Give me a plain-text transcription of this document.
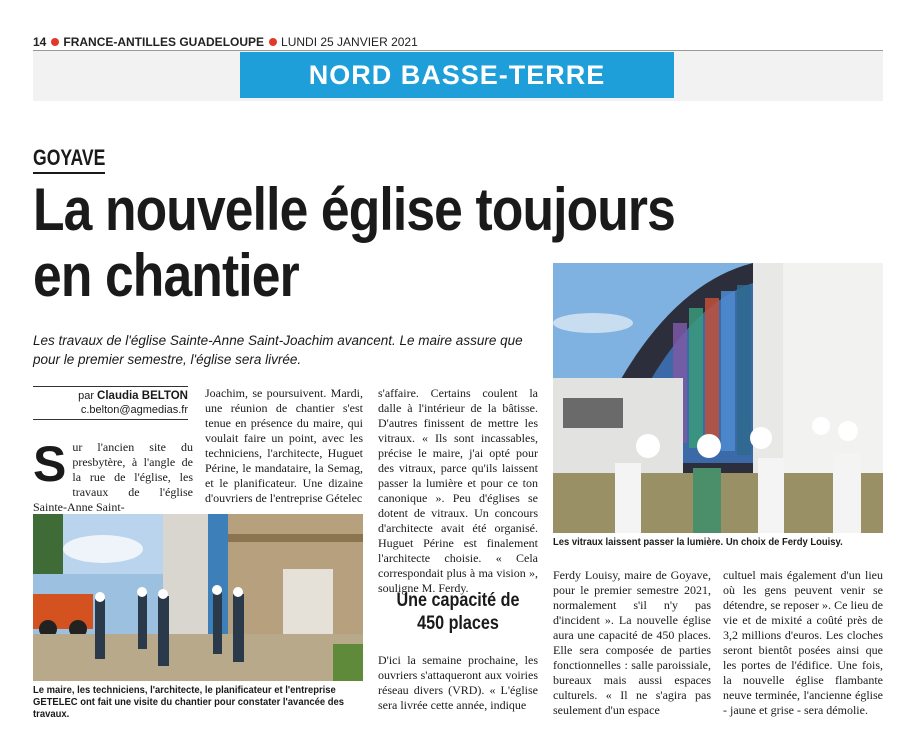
14 FRANCE-ANTILLES GUADELOUPE LUNDI 25 JANVIER 2021
NORD BASSE-TERRE
GOYAVE
La nouvelle église toujours en chantier
Les travaux de l'église Sainte-Anne Saint-Joachim avancent. Le maire assure que pour le premier semestre, l'église sera livrée.
par Claudia BELTON
c.belton@agmedias.fr
Sur l'ancien site du presbytère, à l'angle de la rue de l'église, les travaux de l'église Sainte-Anne Saint-
Le maire, les techniciens, l'architecte, le planificateur et l'entreprise GETELEC ont fait une visite du chantier pour constater l'avancée des travaux.
Joachim, se poursuivent. Mardi, une réunion de chantier s'est tenue en présence du maire, qui voulait faire un point, avec les techniciens, l'architecte, Huguet Périne, le mandataire, la Semag, et le planificateur. Une dizaine d'ouvriers de l'entreprise Gételec
s'affaire. Certains coulent la dalle à l'intérieur de la bâtisse. D'autres finissent de mettre les vitraux. « Ils sont incassables, précise le maire, j'ai opté pour des vitraux, parce qu'ils laissent passer la lumière et pour ce ton canonique ». Peu d'églises se dotent de vitraux. Un concours d'architecte avait été organisé. Huguet Périne est finalement l'architecte choisie. « Cela correspondait plus à ma vision », souligne M. Ferdy.
Une capacité de 450 places
D'ici la semaine prochaine, les ouvriers s'attaqueront aux voiries réseau divers (VRD). « L'église sera livrée cette année, indique
Les vitraux laissent passer la lumière. Un choix de Ferdy Louisy.
Ferdy Louisy, maire de Goyave, pour le premier semestre 2021, normalement s'il n'y pas d'incident ». La nouvelle église aura une capacité de 450 places. Elle sera composée de parties fonctionnelles : salle paroissiale, bureaux mais aussi espaces culturels. « Il ne s'agira pas seulement d'un espace
cultuel mais également d'un lieu où les gens peuvent venir se détendre, se reposer ». Ce lieu de vie et de mixité a coûté près de 3,2 millions d'euros. Les cloches seront bientôt posées ainsi que les portes de l'édifice. Une fois, la nouvelle église flambante neuve terminée, l'ancienne église - jaune et grise - sera démolie.
